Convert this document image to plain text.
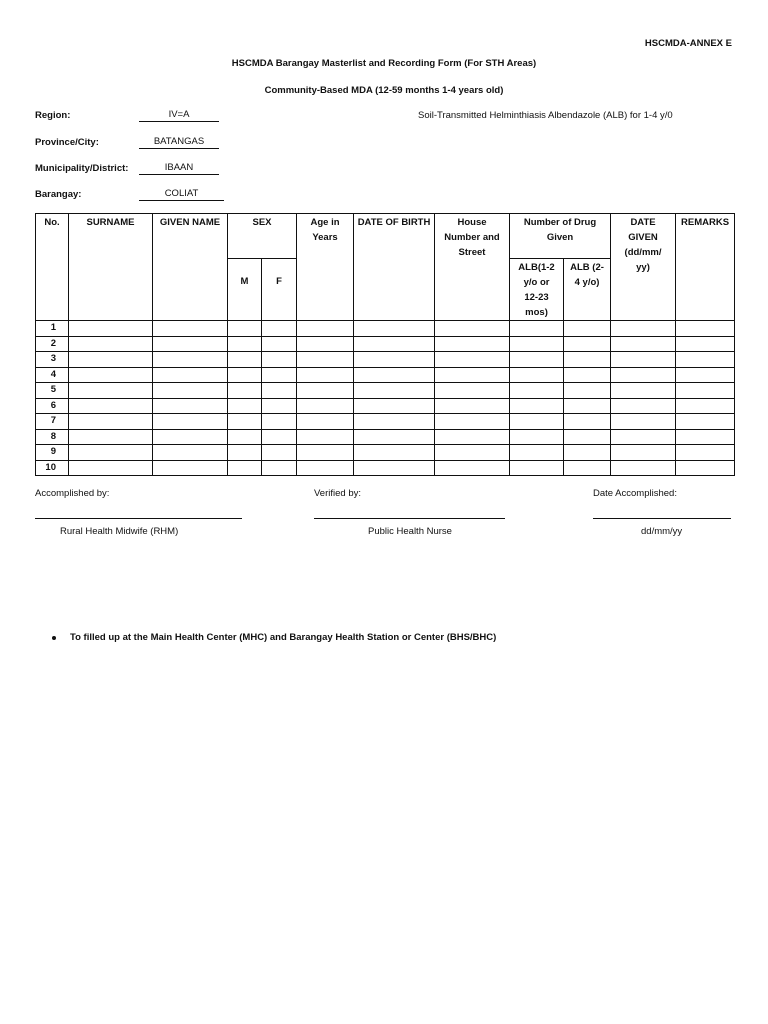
HSCMDA-ANNEX E
HSCMDA Barangay Masterlist and Recording Form (For STH Areas)
Community-Based MDA (12-59 months 1-4 years old)
Region:	IV=A	Soil-Transmitted Helminthiasis Albendazole (ALB) for 1-4 y/0
Province/City:	BATANGAS
Municipality/District:	IBAAN
Barangay:	COLIAT
No.	SURNAME	GIVEN NAME	SEX		Age in Years	DATE OF BIRTH	House Number and Street	Number of Drug Given		DATE GIVEN (dd/mm/ yy)	REMARKS
			M	F				ALB(1-2 y/o or 12-23 mos)	ALB (2-4 y/o)		
1											
2											
3											
4											
5											
6											
7											
8											
9											
10											
Accomplished by:	Verified by:	Date Accomplished:
Rural Health Midwife (RHM)	Public Health Nurse	dd/mm/yy
To filled up at the Main Health Center (MHC) and Barangay Health Station or Center (BHS/BHC)
